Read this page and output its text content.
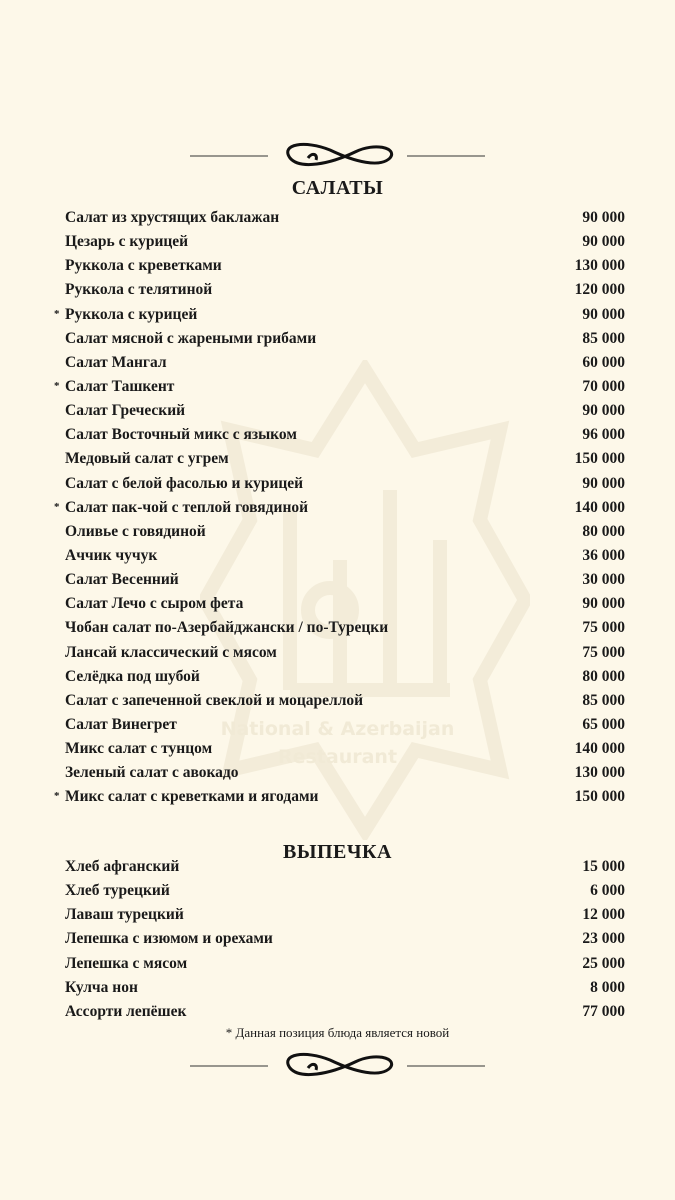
National & Azerbaijan
Restaurant
САЛАТЫ
Салат из хрустящих баклажан	90 000
Цезарь с курицей	90 000
Руккола с креветками	130 000
Руккола с телятиной	120 000
* Руккола с курицей	90 000
Салат мясной с жареными грибами	85 000
Салат Мангал	60 000
* Салат Ташкент	70 000
Салат Греческий	90 000
Салат Восточный микс с языком	96 000
Медовый салат с угрем	150 000
Салат с белой фасолью и курицей	90 000
* Салат пак-чой с теплой говядиной	140 000
Оливье с говядиной	80 000
Аччик чучук	36 000
Салат Весенний	30 000
Салат Лечо с сыром фета	90 000
Чобан салат по-Азербайджански / по-Турецки	75 000
Лансай классический с мясом	75 000
Селёдка под шубой	80 000
Салат с запеченной свеклой и моцареллой	85 000
Салат Винегрет	65 000
Микс салат с тунцом	140 000
Зеленый салат с авокадо	130 000
* Микс салат с креветками и ягодами	150 000
ВЫПЕЧКА
Хлеб афганский	15 000
Хлеб турецкий	6 000
Лаваш турецкий	12 000
Лепешка с изюмом и орехами	23 000
Лепешка с мясом	25 000
Кулча нон	8 000
Ассорти лепёшек	77 000
* Данная позиция блюда является новой
